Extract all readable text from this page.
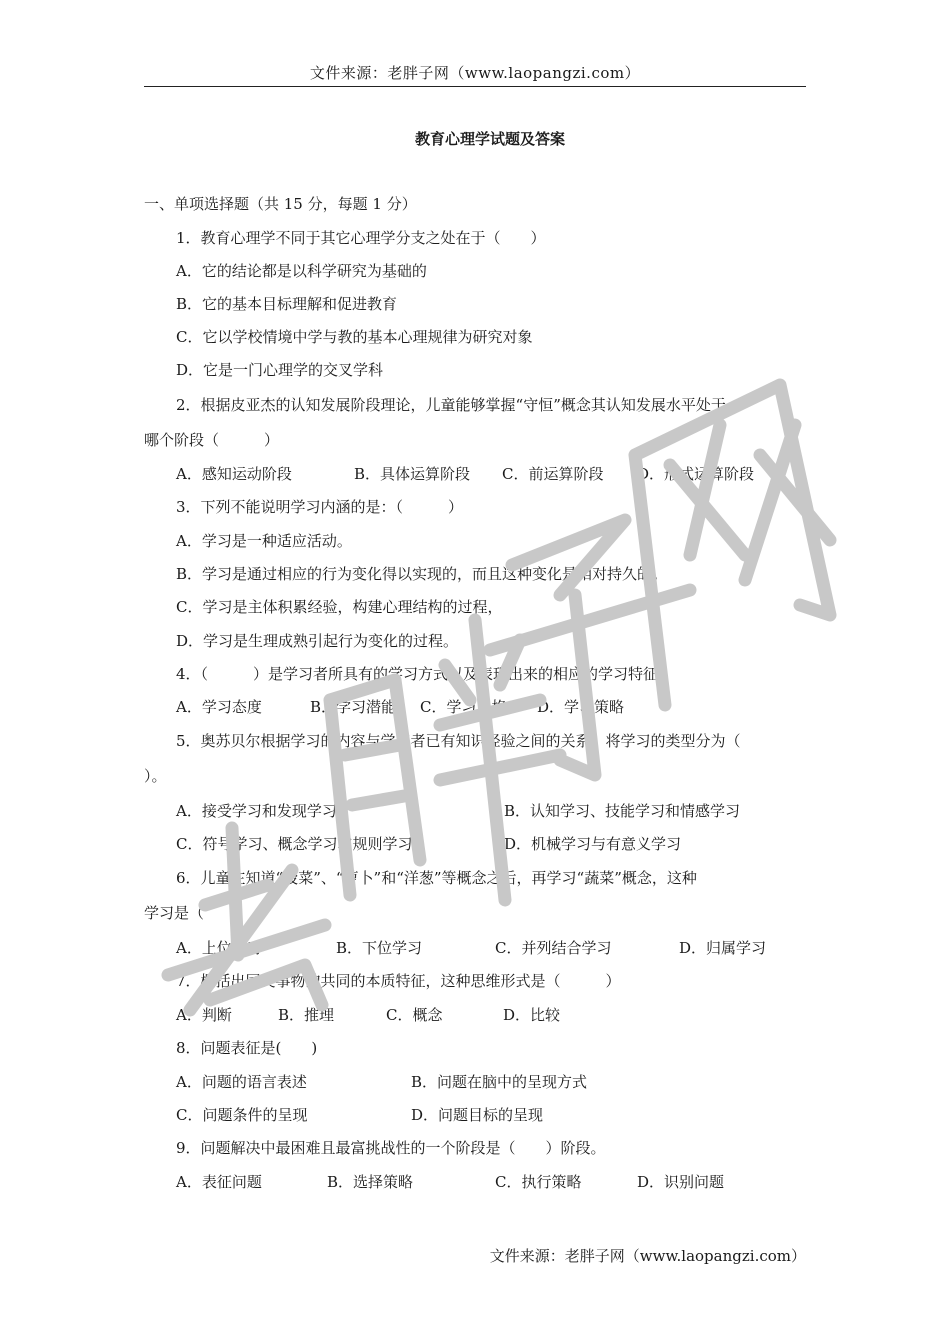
文件来源：老胖子网（www.laopangzi.com）
教育心理学试题及答案
一、单项选择题（共 15 分，每题 1 分）
1．教育心理学不同于其它心理学分支之处在于（　　）
A．它的结论都是以科学研究为基础的
B．它的基本目标理解和促进教育
C．它以学校情境中学与教的基本心理规律为研究对象
D．它是一门心理学的交叉学科
2．根据皮亚杰的认知发展阶段理论，儿童能够掌握“守恒”概念其认知发展水平处于
哪个阶段（　　　）
A．感知运动阶段	B．具体运算阶段 C．前运算阶段 D．形式运算阶段
3．下列不能说明学习内涵的是：（　　　）
A．学习是一种适应活动。
B．学习是通过相应的行为变化得以实现的，而且这种变化是相对持久的。
C．学习是主体积累经验，构建心理结构的过程，
D．学习是生理成熟引起行为变化的过程。
4．（　　　）是学习者所具有的学习方式以及表现出来的相应的学习特征。
A．学习态度	B．学习潜能 C．学习风格 D．学习策略
5．奥苏贝尔根据学习的内容与学习者已有知识经验之间的关系，将学习的类型分为（
）。
A．接受学习和发现学习	B．认知学习、技能学习和情感学习
C．符号学习、概念学习和规则学习	D．机械学习与有意义学习
6．儿童在知道“菠菜”、“萝卜”和“洋葱”等概念之后，再学习“蔬菜”概念，这种
学习是（　　）
A．上位学习	B．下位学习	C．并列结合学习	D．归属学习
7．概括出同类事物的共同的本质特征，这种思维形式是（　　　）
A．判断	B．推理	C．概念	D．比较
8．问题表征是(　　)
A．问题的语言表述	B．问题在脑中的呈现方式
C．问题条件的呈现	D．问题目标的呈现
9．问题解决中最困难且最富挑战性的一个阶段是（　　）阶段。
A．表征问题	B．选择策略	C．执行策略	D．识别问题
文件来源：老胖子网（www.laopangzi.com）
